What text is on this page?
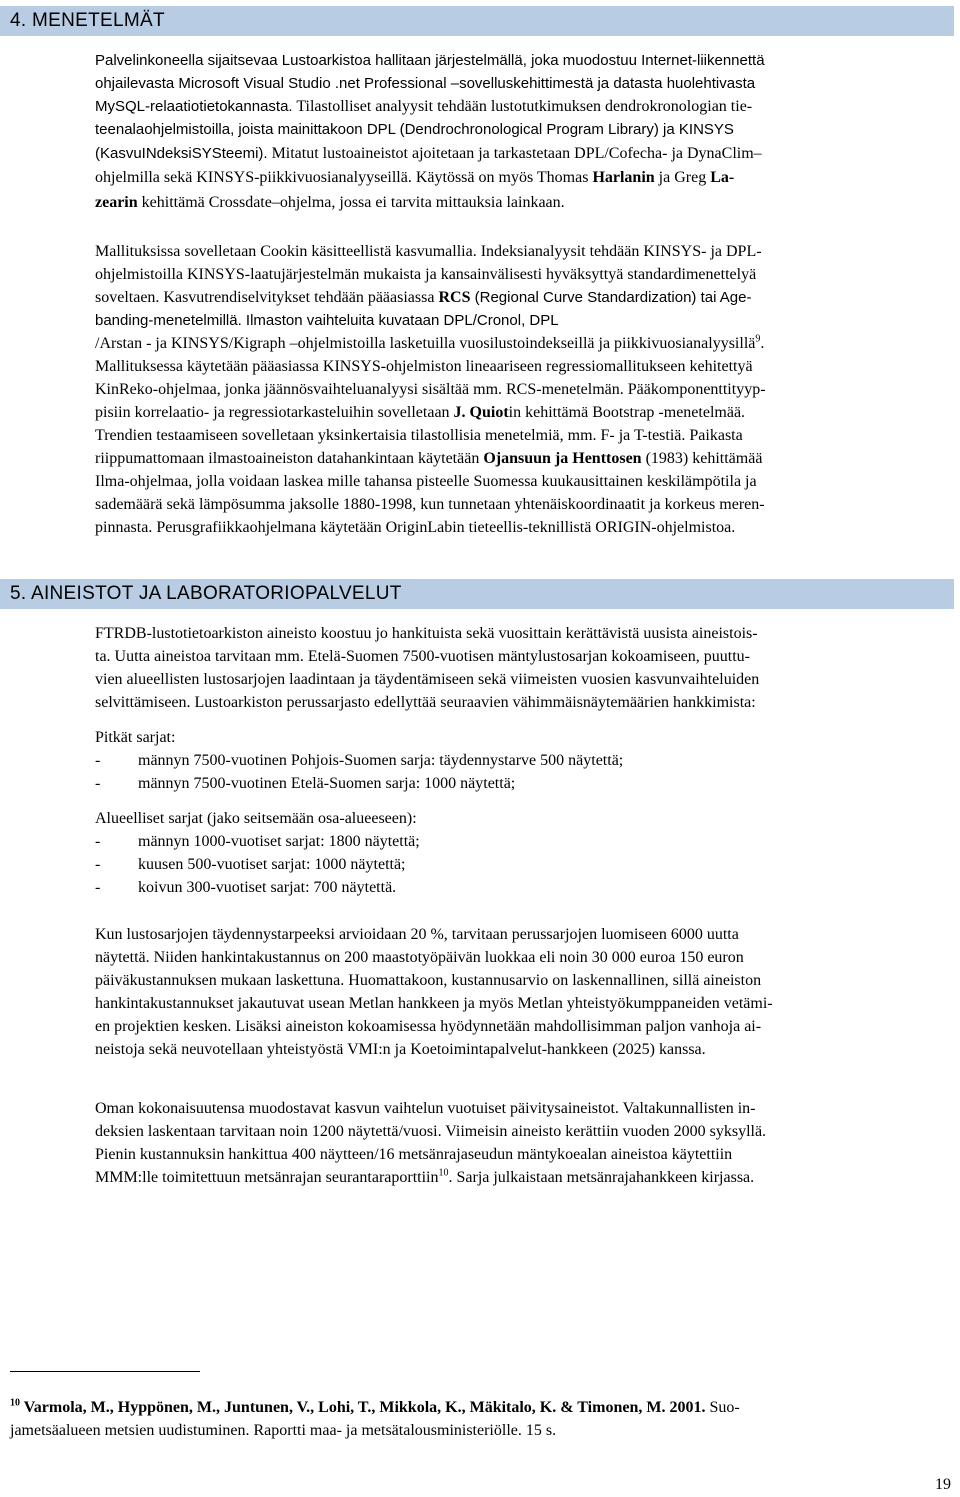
4. MENETELMÄT
Palvelinkoneella sijaitsevaa Lustoarkistoa hallitaan järjestelmällä, joka muodostuu Internet-liikennettä
ohjailevasta Microsoft Visual Studio .net Professional –sovelluskehittimestä ja datasta huolehtivasta
MySQL-relaatiotietokannasta. Tilastolliset analyysit tehdään lustotutkimuksen dendrokronologian tie-
teenalaohjelmistoilla, joista mainittakoon DPL (Dendrochronological Program Library) ja KINSYS
(KasvuINdeksiSYSteemi). Mitatut lustoaineistot ajoitetaan ja tarkastetaan DPL/Cofecha- ja DynaClim–
ohjelmilla sekä KINSYS-piikkivuosianalyyseillä. Käytössä on myös Thomas Harlanin ja Greg La-
zearin kehittämä Crossdate–ohjelma, jossa ei tarvita mittauksia lainkaan.
Mallituksissa sovelletaan Cookin käsitteellistä kasvumallia. Indeksianalyysit tehdään KINSYS- ja DPL-
ohjelmistoilla KINSYS-laatujärjestelmän mukaista ja kansainvälisesti hyväksyttyä standardimenettelyä
soveltaen. Kasvutrendiselvitykset tehdään pääasiassa RCS (Regional Curve Standardization) tai Age-
banding-menetelmillä. Ilmaston vaihteluita kuvataan DPL/Cronol, DPL
/Arstan - ja KINSYS/Kigraph –ohjelmistoilla lasketuilla vuosilustoindekseillä ja piikkivuosianalyysillä$^9$.
Mallituksessa käytetään pääasiassa KINSYS-ohjelmiston lineaariseen regressiomallitukseen kehitettyä
KinReko-ohjelmaa, jonka jäännösvaihteluanalyysi sisältää mm. RCS-menetelmän. Pääkomponenttityyp-
pisiin korrelaatio- ja regressiotarkasteluihin sovelletaan J. Quiotin kehittämä Bootstrap -menetelmää.
Trendien testaamiseen sovelletaan yksinkertaisia tilastollisia menetelmiä, mm. F- ja T-testiä. Paikasta
riippumattomaan ilmastoaineiston datahankintaan käytetään Ojansuun ja Henttosen (1983) kehittämää
Ilma-ohjelmaa, jolla voidaan laskea mille tahansa pisteelle Suomessa kuukausittainen keskilämpötila ja
sademäärä sekä lämpösumma jaksolle 1880-1998, kun tunnetaan yhtenäiskoordinaatit ja korkeus meren-
pinnasta. Perusgrafiikkaohjelmana käytetään OriginLabin tieteellis-teknillistä ORIGIN-ohjelmistoa.
5. AINEISTOT JA LABORATORIOPALVELUT
FTRDB-lustotietoarkiston aineisto koostuu jo hankituista sekä vuosittain kerättävistä uusista aineistois-
ta. Uutta aineistoa tarvitaan mm. Etelä-Suomen 7500-vuotisen mäntylustosarjan kokoamiseen, puuttu-
vien alueellisten lustosarjojen laadintaan ja täydentämiseen sekä viimeisten vuosien kasvunvaihteluiden
selvittämiseen. Lustoarkiston perussarjasto edellyttää seuraavien vähimmäisnäytemäärien hankkimista:
Pitkät sarjat:
- männyn 7500-vuotinen Pohjois-Suomen sarja: täydennystarve 500 näytettä;
- männyn 7500-vuotinen Etelä-Suomen sarja: 1000 näytettä;
Alueelliset sarjat (jako seitsemään osa-alueeseen):
- männyn 1000-vuotiset sarjat: 1800 näytettä;
- kuusen 500-vuotiset sarjat: 1000 näytettä;
- koivun 300-vuotiset sarjat: 700 näytettä.
Kun lustosarjojen täydennystarpeeksi arvioidaan 20 %, tarvitaan perussarjojen luomiseen 6000 uutta
näytettä. Niiden hankintakustannus on 200 maastotyöpäivän luokkaa eli noin 30 000 euroa 150 euron
päiväkustannuksen mukaan laskettuna. Huomattakoon, kustannusarvio on laskennallinen, sillä aineiston
hankintakustannukset jakautuvat usean Metlan hankkeen ja myös Metlan yhteistyökumppaneiden vetämi-
en projektien kesken. Lisäksi aineiston kokoamisessa hyödynnetään mahdollisimman paljon vanhoja ai-
neistoja sekä neuvotellaan yhteistyöstä VMI:n ja Koetoimintapalvelut-hankkeen (2025) kanssa.
Oman kokonaisuutensa muodostavat kasvun vaihtelun vuotuiset päivitysaineistot. Valtakunnallisten in-
deksien laskentaan tarvitaan noin 1200 näytettä/vuosi. Viimeisin aineisto kerättiin vuoden 2000 syksyllä.
Pienin kustannuksin hankittua 400 näytteen/16 metsänrajaseudun mäntykoealan aineistoa käytettiin
MMM:lle toimitettuun metsänrajan seurantaraporttiin$^{10}$. Sarja julkaistaan metsänrajahankkeen kirjassa.
$^{10}$ Varmola, M., Hyppönen, M., Juntunen, V., Lohi, T., Mikkola, K., Mäkitalo, K. & Timonen, M. 2001. Suo-
jametsäalueen metsien uudistuminen. Raportti maa- ja metsätalousministeriölle. 15 s.
19
